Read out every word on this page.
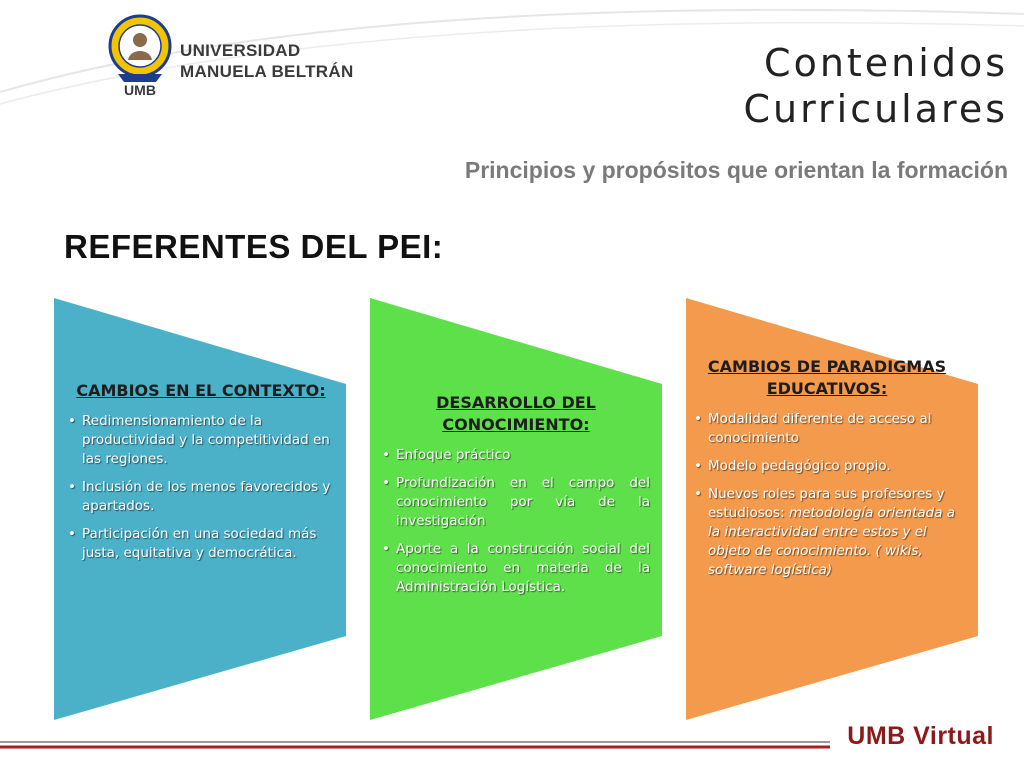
UMB
UNIVERSIDAD
MANUELA BELTRÁN	Contenidos Curriculares
Principios y propósitos que orientan la formación
REFERENTES DEL PEI:
CAMBIOS EN EL CONTEXTO:
• Redimensionamiento de la productividad y la competitividad en las regiones.
• Inclusión de los menos favorecidos y apartados.
• Participación en una sociedad más justa, equitativa y democrática.
DESARROLLO DEL CONOCIMIENTO:
• Enfoque práctico
• Profundización en el campo del conocimiento por vía de la investigación
• Aporte a la construcción social del conocimiento en materia de la Administración Logística.
CAMBIOS DE PARADIGMAS EDUCATIVOS:
• Modalidad diferente de acceso al conocimiento
• Modelo pedagógico propio.
• Nuevos roles para sus profesores y estudiosos: metodología orientada a la interactividad entre estos y el objeto de conocimiento. ( wikis, software logística)
UMB Virtual
